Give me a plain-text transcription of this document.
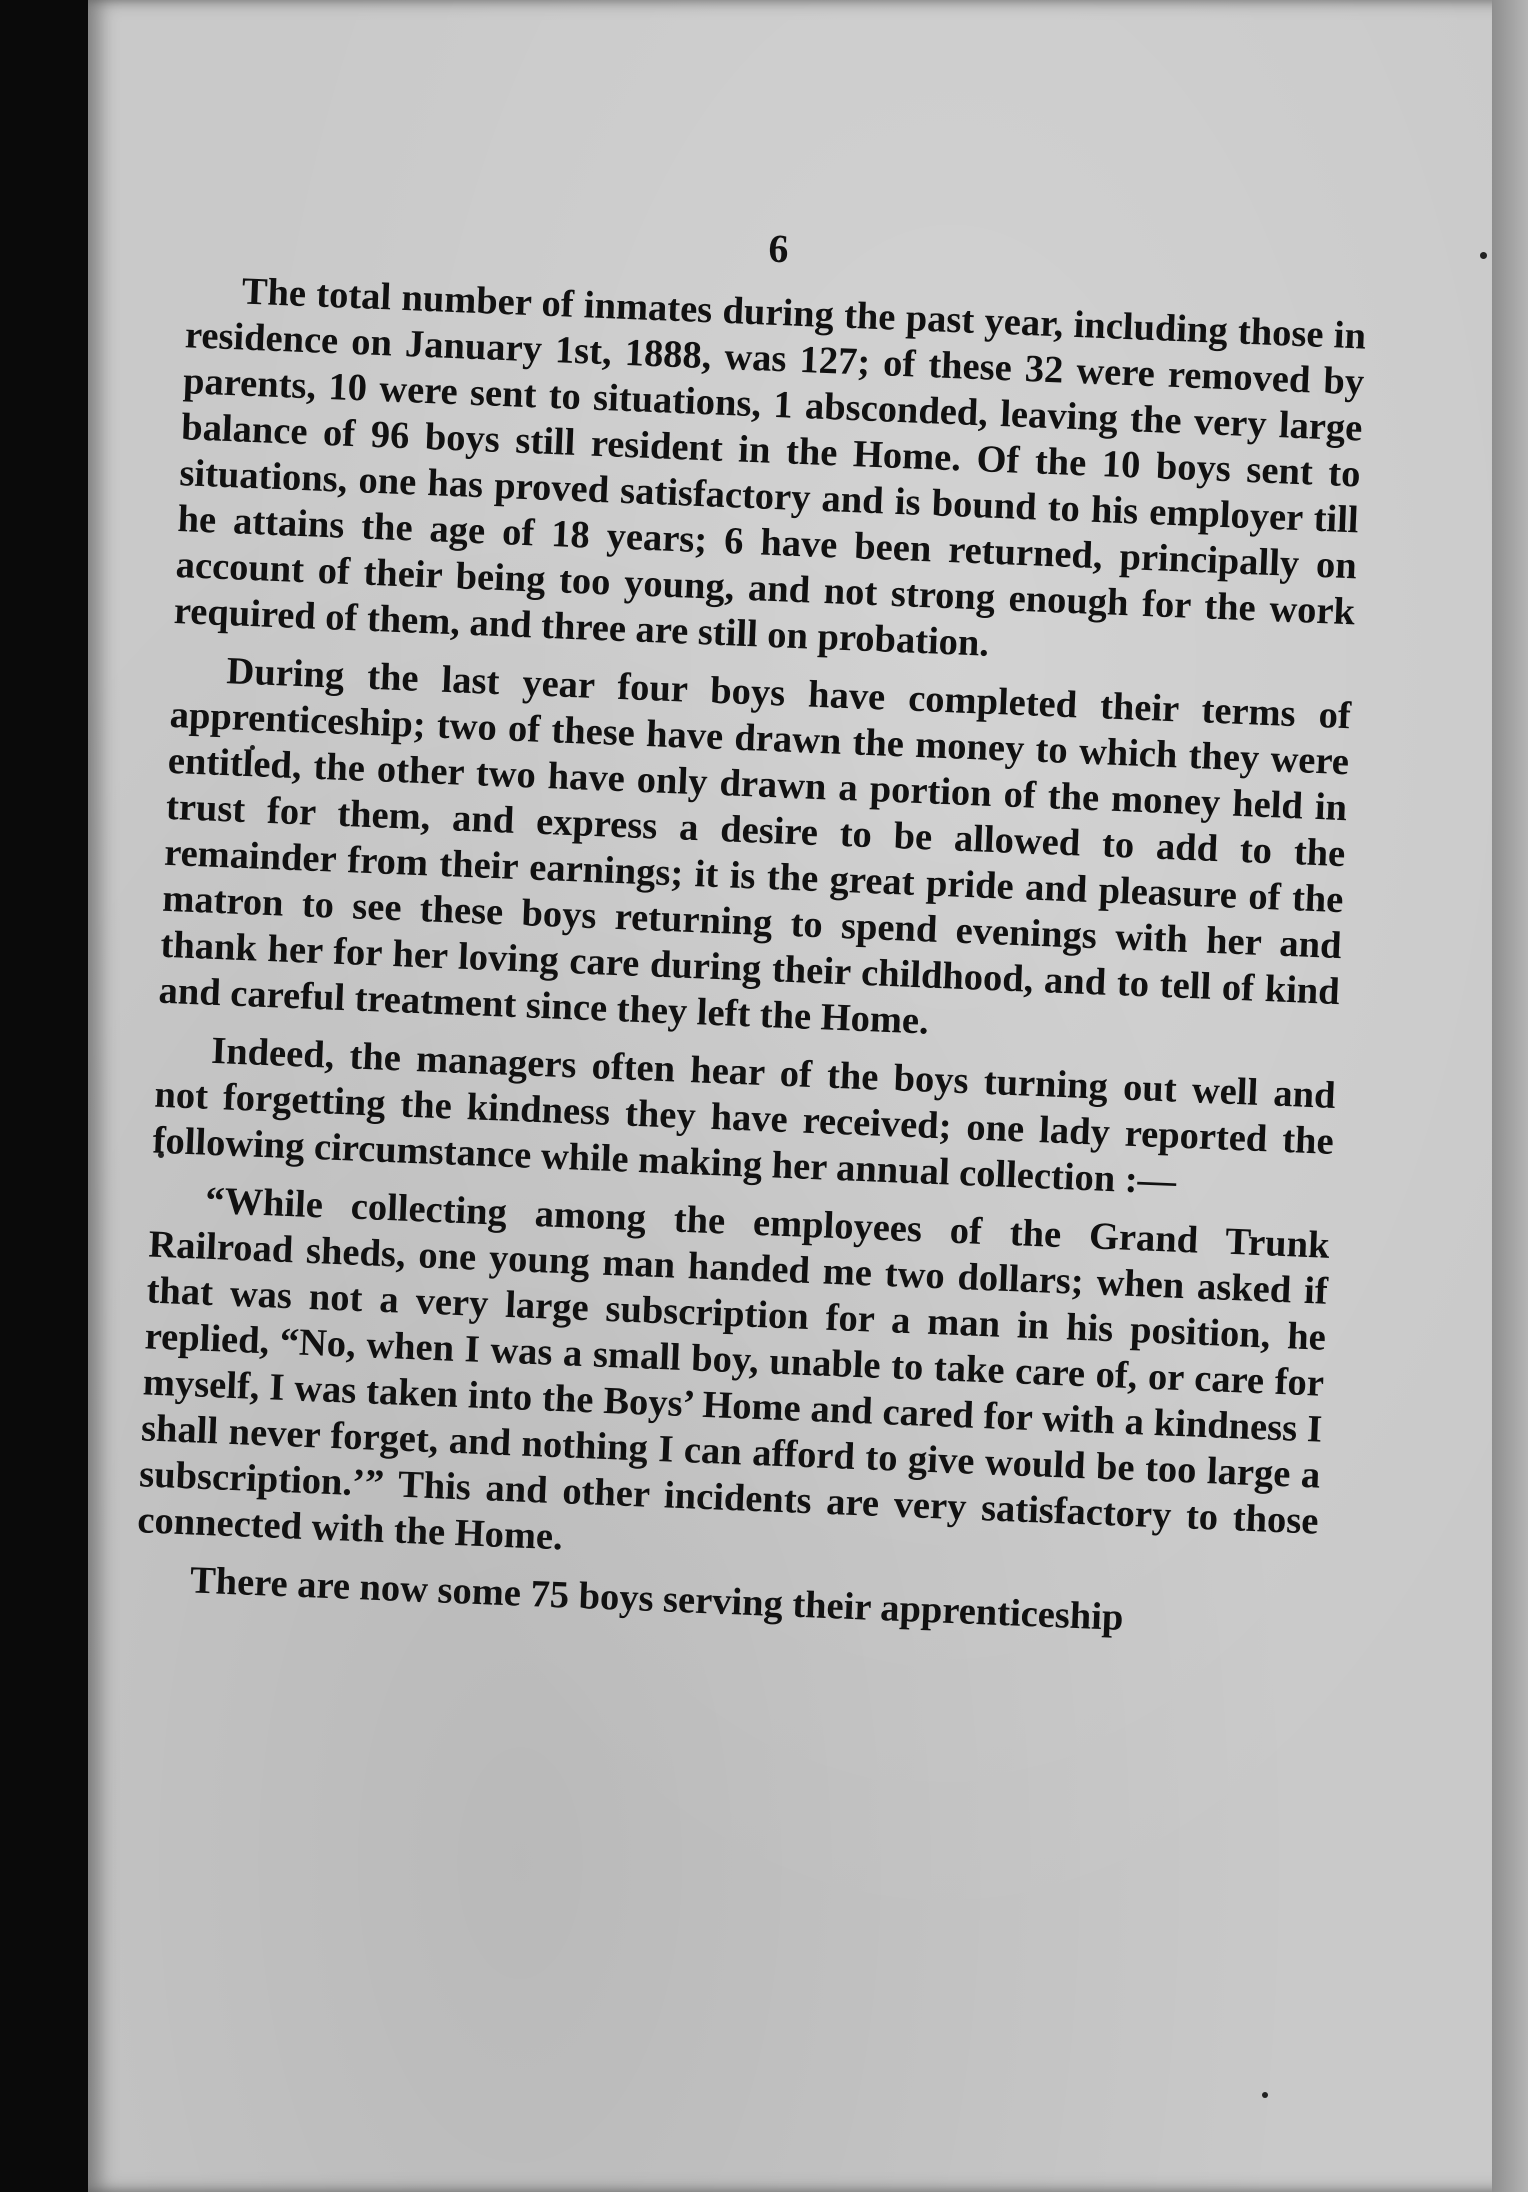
6

The total number of inmates during the past year, including those in residence on January 1st, 1888, was 127; of these 32 were removed by parents, 10 were sent to situations, 1 absconded, leaving the very large balance of 96 boys still resident in the Home. Of the 10 boys sent to situations, one has proved satisfactory and is bound to his employer till he attains the age of 18 years; 6 have been returned, principally on account of their being too young, and not strong enough for the work required of them, and three are still on probation.

During the last year four boys have completed their terms of apprenticeship; two of these have drawn the money to which they were entitled, the other two have only drawn a portion of the money held in trust for them, and express a desire to be allowed to add to the remainder from their earnings; it is the great pride and pleasure of the matron to see these boys returning to spend evenings with her and thank her for her loving care during their childhood, and to tell of kind and careful treatment since they left the Home.

Indeed, the managers often hear of the boys turning out well and not forgetting the kindness they have received; one lady reported the following circumstance while making her annual collection :—

“While collecting among the employees of the Grand Trunk Railroad sheds, one young man handed me two dollars; when asked if that was not a very large subscription for a man in his position, he replied, “No, when I was a small boy, unable to take care of, or care for myself, I was taken into the Boys’ Home and cared for with a kindness I shall never forget, and nothing I can afford to give would be too large a subscription.’” This and other incidents are very satisfactory to those connected with the Home.

There are now some 75 boys serving their apprenticeship
